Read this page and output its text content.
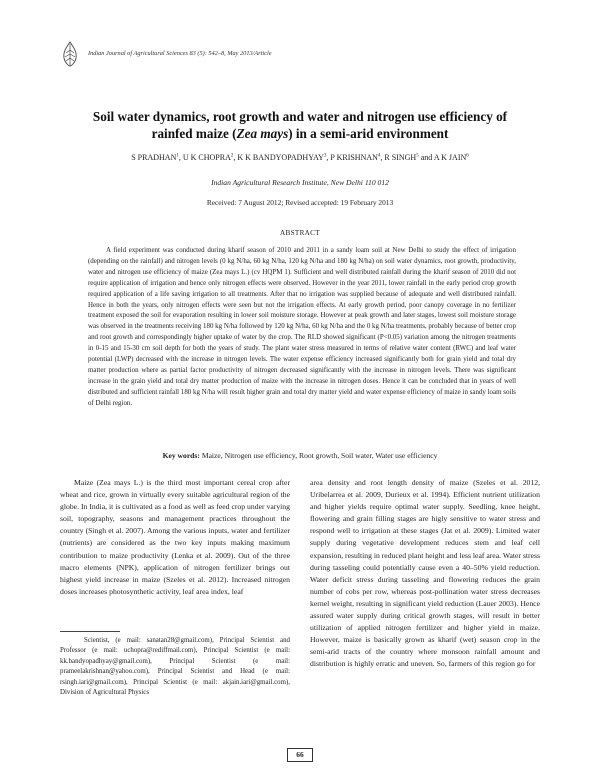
Indian Journal of Agricultural Sciences 83 (5): 542–8, May 2013/Article
Soil water dynamics, root growth and water and nitrogen use efficiency of
rainfed maize (Zea mays) in a semi-arid environment
S PRADHAN$^1$, U K CHOPRA$^2$, K K BANDYOPADHYAY$^3$, P KRISHNAN$^4$, R SINGH$^5$ and A K JAIN$^6$
Indian Agricultural Research Institute, New Delhi 110 012
Received: 7 August 2012; Revised accepted: 19 February 2013
ABSTRACT

A field experiment was conducted during kharif season of 2010 and 2011 in a sandy loam soil at New Delhi to study the effect of irrigation (depending on the rainfall) and nitrogen levels (0 kg N/ha, 60 kg N/ha, 120 kg N/ha and 180 kg N/ha) on soil water dynamics, root growth, productivity, water and nitrogen use efficiency of maize (Zea mays L.) (cv HQPM 1). Sufficient and well distributed rainfall during the kharif season of 2010 did not require application of irrigation and hence only nitrogen effects were observed. However in the year 2011, lower rainfall in the early period crop growth required application of a life saving irrigation to all treatments. After that no irrigation was supplied because of adequate and well distributed rainfall. Hence in both the years, only nitrogen effects were seen but not the irrigation effects. At early growth period, poor canopy coverage in no fertilizer treatment exposed the soil for evaporation resulting in lower soil moisture storage. However at peak growth and later stages, lowest soil moisture storage was observed in the treatments receiving 180 kg N/ha followed by 120 kg N/ha, 60 kg N/ha and the 0 kg N/ha treatments, probably because of better crop and root growth and correspondingly higher uptake of water by the crop. The RLD showed significant (P<0.05) variation among the nitrogen treatments in 0-15 and 15-30 cm soil depth for both the years of study. The plant water stress measured in terms of relative water content (RWC) and leaf water potential (LWP) decreased with the increase in nitrogen levels. The water expense efficiency increased significantly both for grain yield and total dry matter production where as partial factor productivity of nitrogen decreased significantly with the increase in nitrogen levels. There was significant increase in the grain yield and total dry matter production of maize with the increase in nitrogen doses. Hence it can be concluded that in years of well distributed and sufficient rainfall 180 kg N/ha will result higher grain and total dry matter yield and water expense efficiency of maize in sandy loam soils of Delhi region.

Key words: Maize, Nitrogen use efficiency, Root growth, Soil water, Water use efficiency

Maize (Zea mays L.) is the third most important cereal crop after wheat and rice, grown in virtually every suitable agricultural region of the globe. In India, it is cultivated as a food as well as feed crop under varying soil, topography, seasons and management practices throughout the country (Singh et al. 2007). Among the various inputs, water and fertilizer (nutrients) are considered as the two key inputs making maximum contribution to maize productivity (Lenka et al. 2009). Out of the three macro elements (NPK), application of nitrogen fertilizer brings out highest yield increase in maize (Szeles et al. 2012). Increased nitrogen doses increases photosynthetic activity, leaf area index, leaf

Scientist, (e mail: sanatan28@gmail.com), Principal Scientist and Professor (e mail: uchopra@rediffmail.com), Principal Scientist (e mail: kk.bandyopadhyay@gmail.com), Principal Scientist (e mail: prameelakrishnan@yahoo.com), Principal Scientist and Head (e mail: rsingh.iari@gmail.com), Principal Scientist (e mail: akjain.iari@gmail.com), Division of Agricultural Physics

area density and root length density of maize (Szeles et al. 2012, Uribelarrea et al. 2009, Durieux et al. 1994). Efficient nutrient utilization and higher yields require optimal water supply. Seedling, knee height, flowering and grain filling stages are higly sensitive to water stress and respond well to irrigation at these stages (Jat et al. 2009). Limited water supply during vegetative development reduces stem and leaf cell expansion, resulting in reduced plant height and less leaf area. Water stress during tasseling could potentially cause even a 40–50% yield reduction. Water deficit stress during tasseling and flowering reduces the grain number of cobs per row, whereas post-pollination water stress decreases kernel weight, resulting in significant yield reduction (Lauer 2003). Hence assured water supply during critical growth stages, will result in better utilization of applied nitrogen fertilizer and higher yield in maize. However, maize is basically grown as kharif (wet) season crop in the semi-arid tracts of the country where monsoon rainfall amount and distribution is highly erratic and uneven. So, farmers of this region go for

66
